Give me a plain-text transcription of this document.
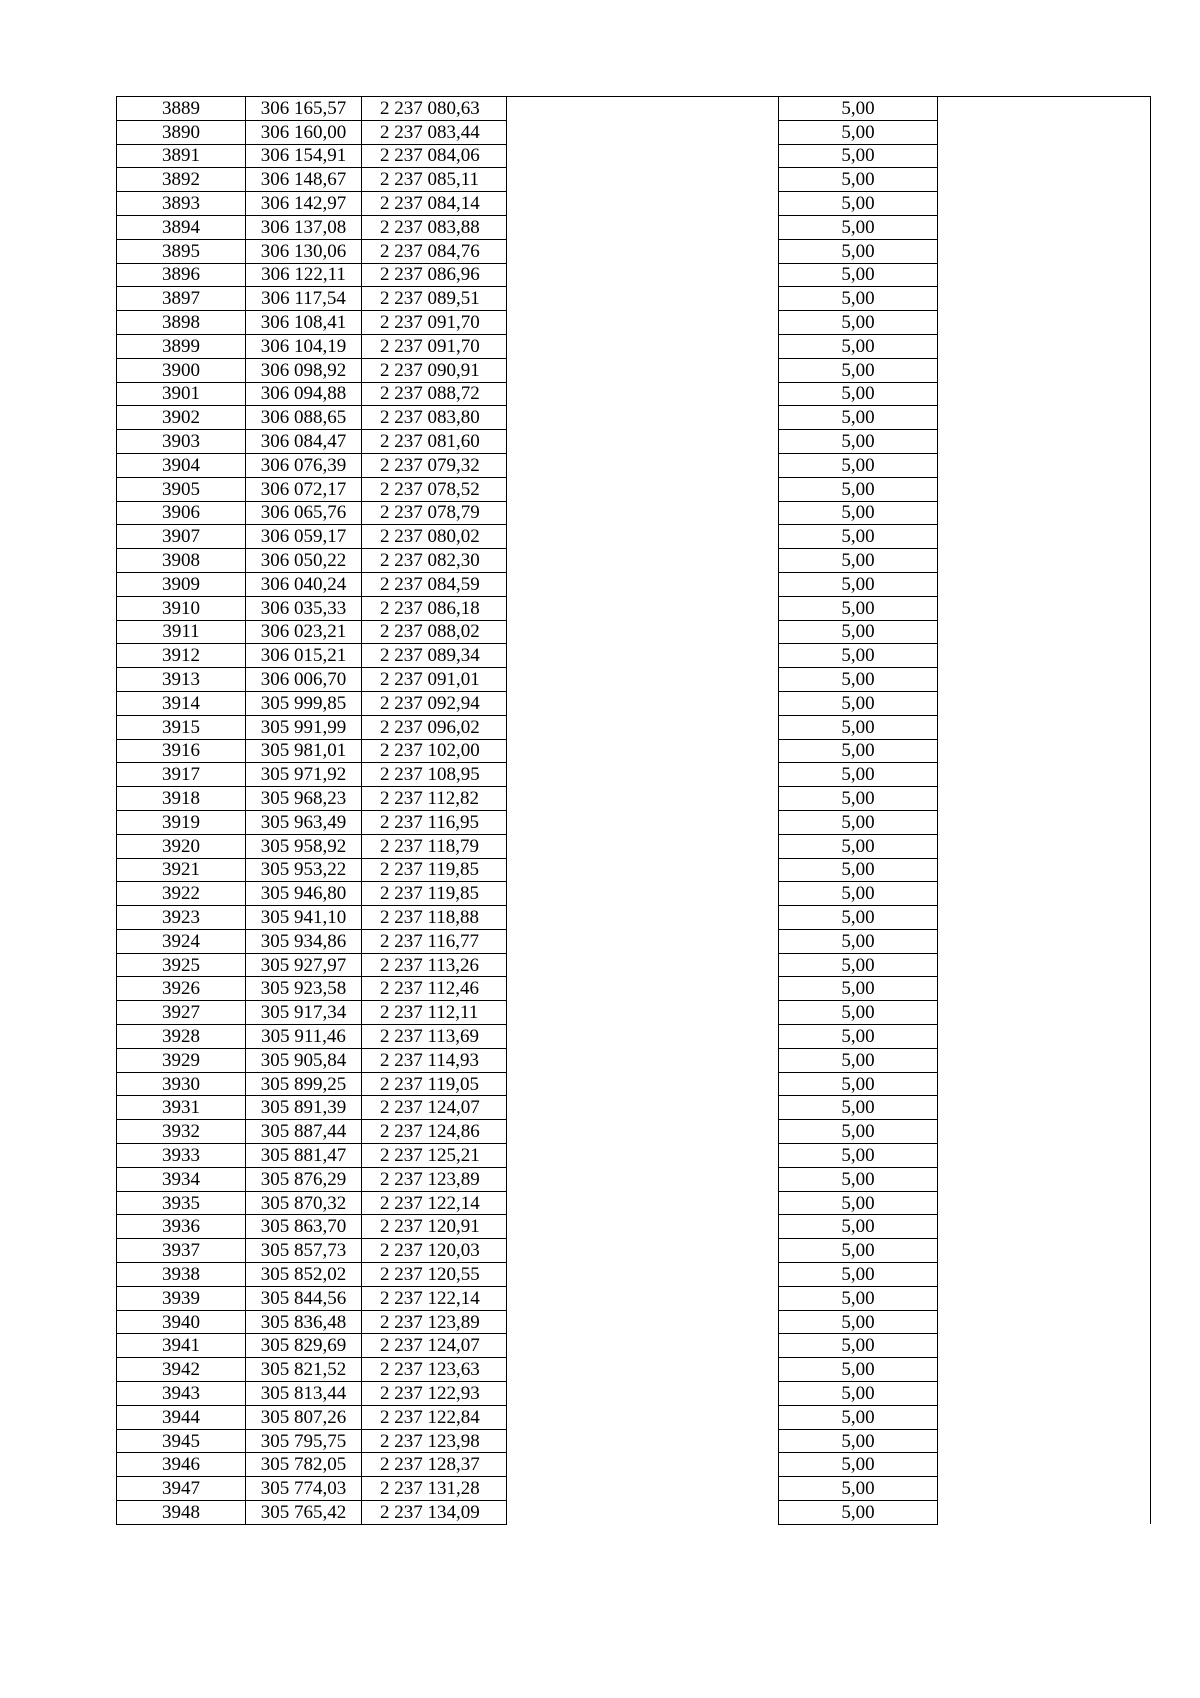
3889	306 165,57	2 237 080,63		5,00	
3890	306 160,00	2 237 083,44		5,00	
3891	306 154,91	2 237 084,06		5,00	
3892	306 148,67	2 237 085,11		5,00	
3893	306 142,97	2 237 084,14		5,00	
3894	306 137,08	2 237 083,88		5,00	
3895	306 130,06	2 237 084,76		5,00	
3896	306 122,11	2 237 086,96		5,00	
3897	306 117,54	2 237 089,51		5,00	
3898	306 108,41	2 237 091,70		5,00	
3899	306 104,19	2 237 091,70		5,00	
3900	306 098,92	2 237 090,91		5,00	
3901	306 094,88	2 237 088,72		5,00	
3902	306 088,65	2 237 083,80		5,00	
3903	306 084,47	2 237 081,60		5,00	
3904	306 076,39	2 237 079,32		5,00	
3905	306 072,17	2 237 078,52		5,00	
3906	306 065,76	2 237 078,79		5,00	
3907	306 059,17	2 237 080,02		5,00	
3908	306 050,22	2 237 082,30		5,00	
3909	306 040,24	2 237 084,59		5,00	
3910	306 035,33	2 237 086,18		5,00	
3911	306 023,21	2 237 088,02		5,00	
3912	306 015,21	2 237 089,34		5,00	
3913	306 006,70	2 237 091,01		5,00	
3914	305 999,85	2 237 092,94		5,00	
3915	305 991,99	2 237 096,02		5,00	
3916	305 981,01	2 237 102,00		5,00	
3917	305 971,92	2 237 108,95		5,00	
3918	305 968,23	2 237 112,82		5,00	
3919	305 963,49	2 237 116,95		5,00	
3920	305 958,92	2 237 118,79		5,00	
3921	305 953,22	2 237 119,85		5,00	
3922	305 946,80	2 237 119,85		5,00	
3923	305 941,10	2 237 118,88		5,00	
3924	305 934,86	2 237 116,77		5,00	
3925	305 927,97	2 237 113,26		5,00	
3926	305 923,58	2 237 112,46		5,00	
3927	305 917,34	2 237 112,11		5,00	
3928	305 911,46	2 237 113,69		5,00	
3929	305 905,84	2 237 114,93		5,00	
3930	305 899,25	2 237 119,05		5,00	
3931	305 891,39	2 237 124,07		5,00	
3932	305 887,44	2 237 124,86		5,00	
3933	305 881,47	2 237 125,21		5,00	
3934	305 876,29	2 237 123,89		5,00	
3935	305 870,32	2 237 122,14		5,00	
3936	305 863,70	2 237 120,91		5,00	
3937	305 857,73	2 237 120,03		5,00	
3938	305 852,02	2 237 120,55		5,00	
3939	305 844,56	2 237 122,14		5,00	
3940	305 836,48	2 237 123,89		5,00	
3941	305 829,69	2 237 124,07		5,00	
3942	305 821,52	2 237 123,63		5,00	
3943	305 813,44	2 237 122,93		5,00	
3944	305 807,26	2 237 122,84		5,00	
3945	305 795,75	2 237 123,98		5,00	
3946	305 782,05	2 237 128,37		5,00	
3947	305 774,03	2 237 131,28		5,00	
3948	305 765,42	2 237 134,09		5,00	
